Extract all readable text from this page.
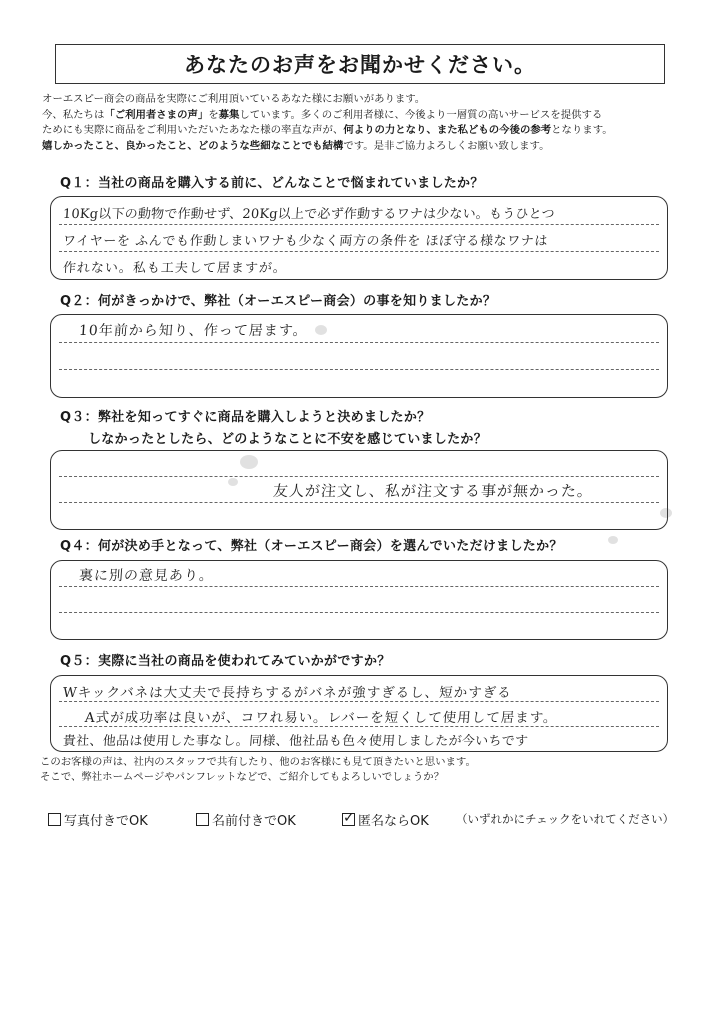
あなたのお声をお聞かせください。
オーエスピー商会の商品を実際にご利用頂いているあなた様にお願いがあります。
今、私たちは「ご利用者さまの声」を募集しています。多くのご利用者様に、今後より一層質の高いサービスを提供する
ためにも実際に商品をご利用いただいたあなた様の率直な声が、何よりの力となり、また私どもの今後の参考となります。
嬉しかったこと、良かったこと、どのような些細なことでも結構です。是非ご協力よろしくお願い致します。
Q１：当社の商品を購入する前に、どんなことで悩まれていましたか？
10Kg以下の動物で作動せず、20Kg以上で必ず作動するワナは少ない。もうひとつ
ワイヤーを ふんでも作動しまいワナも少なく両方の条件を ほぼ守る様なワナは
作れない。私も工夫して居ますが。
Q２：何がきっかけで、弊社（オーエスピー商会）の事を知りましたか？
10年前から知り、作って居ます。
Q３：弊社を知ってすぐに商品を購入しようと決めましたか？
しなかったとしたら、どのようなことに不安を感じていましたか？
友人が注文し、私が注文する事が無かった。
Q４：何が決め手となって、弊社（オーエスピー商会）を選んでいただけましたか？
裏に別の意見あり。
Q５：実際に当社の商品を使われてみていかがですか？
Wキックバネは大丈夫で長持ちするがバネが強すぎるし、短かすぎる
A式が成功率は良いが、コワれ易い。レバーを短くして使用して居ます。
貴社、他品は使用した事なし。同様、他社品も色々使用しましたが今いちです
このお客様の声は、社内のスタッフで共有したり、他のお客様にも見て頂きたいと思います。
そこで、弊社ホームページやパンフレットなどで、ご紹介してもよろしいでしょうか？
写真付きでOK	名前付きでOK	✓ 匿名ならOK （いずれかにチェックをいれてください）
